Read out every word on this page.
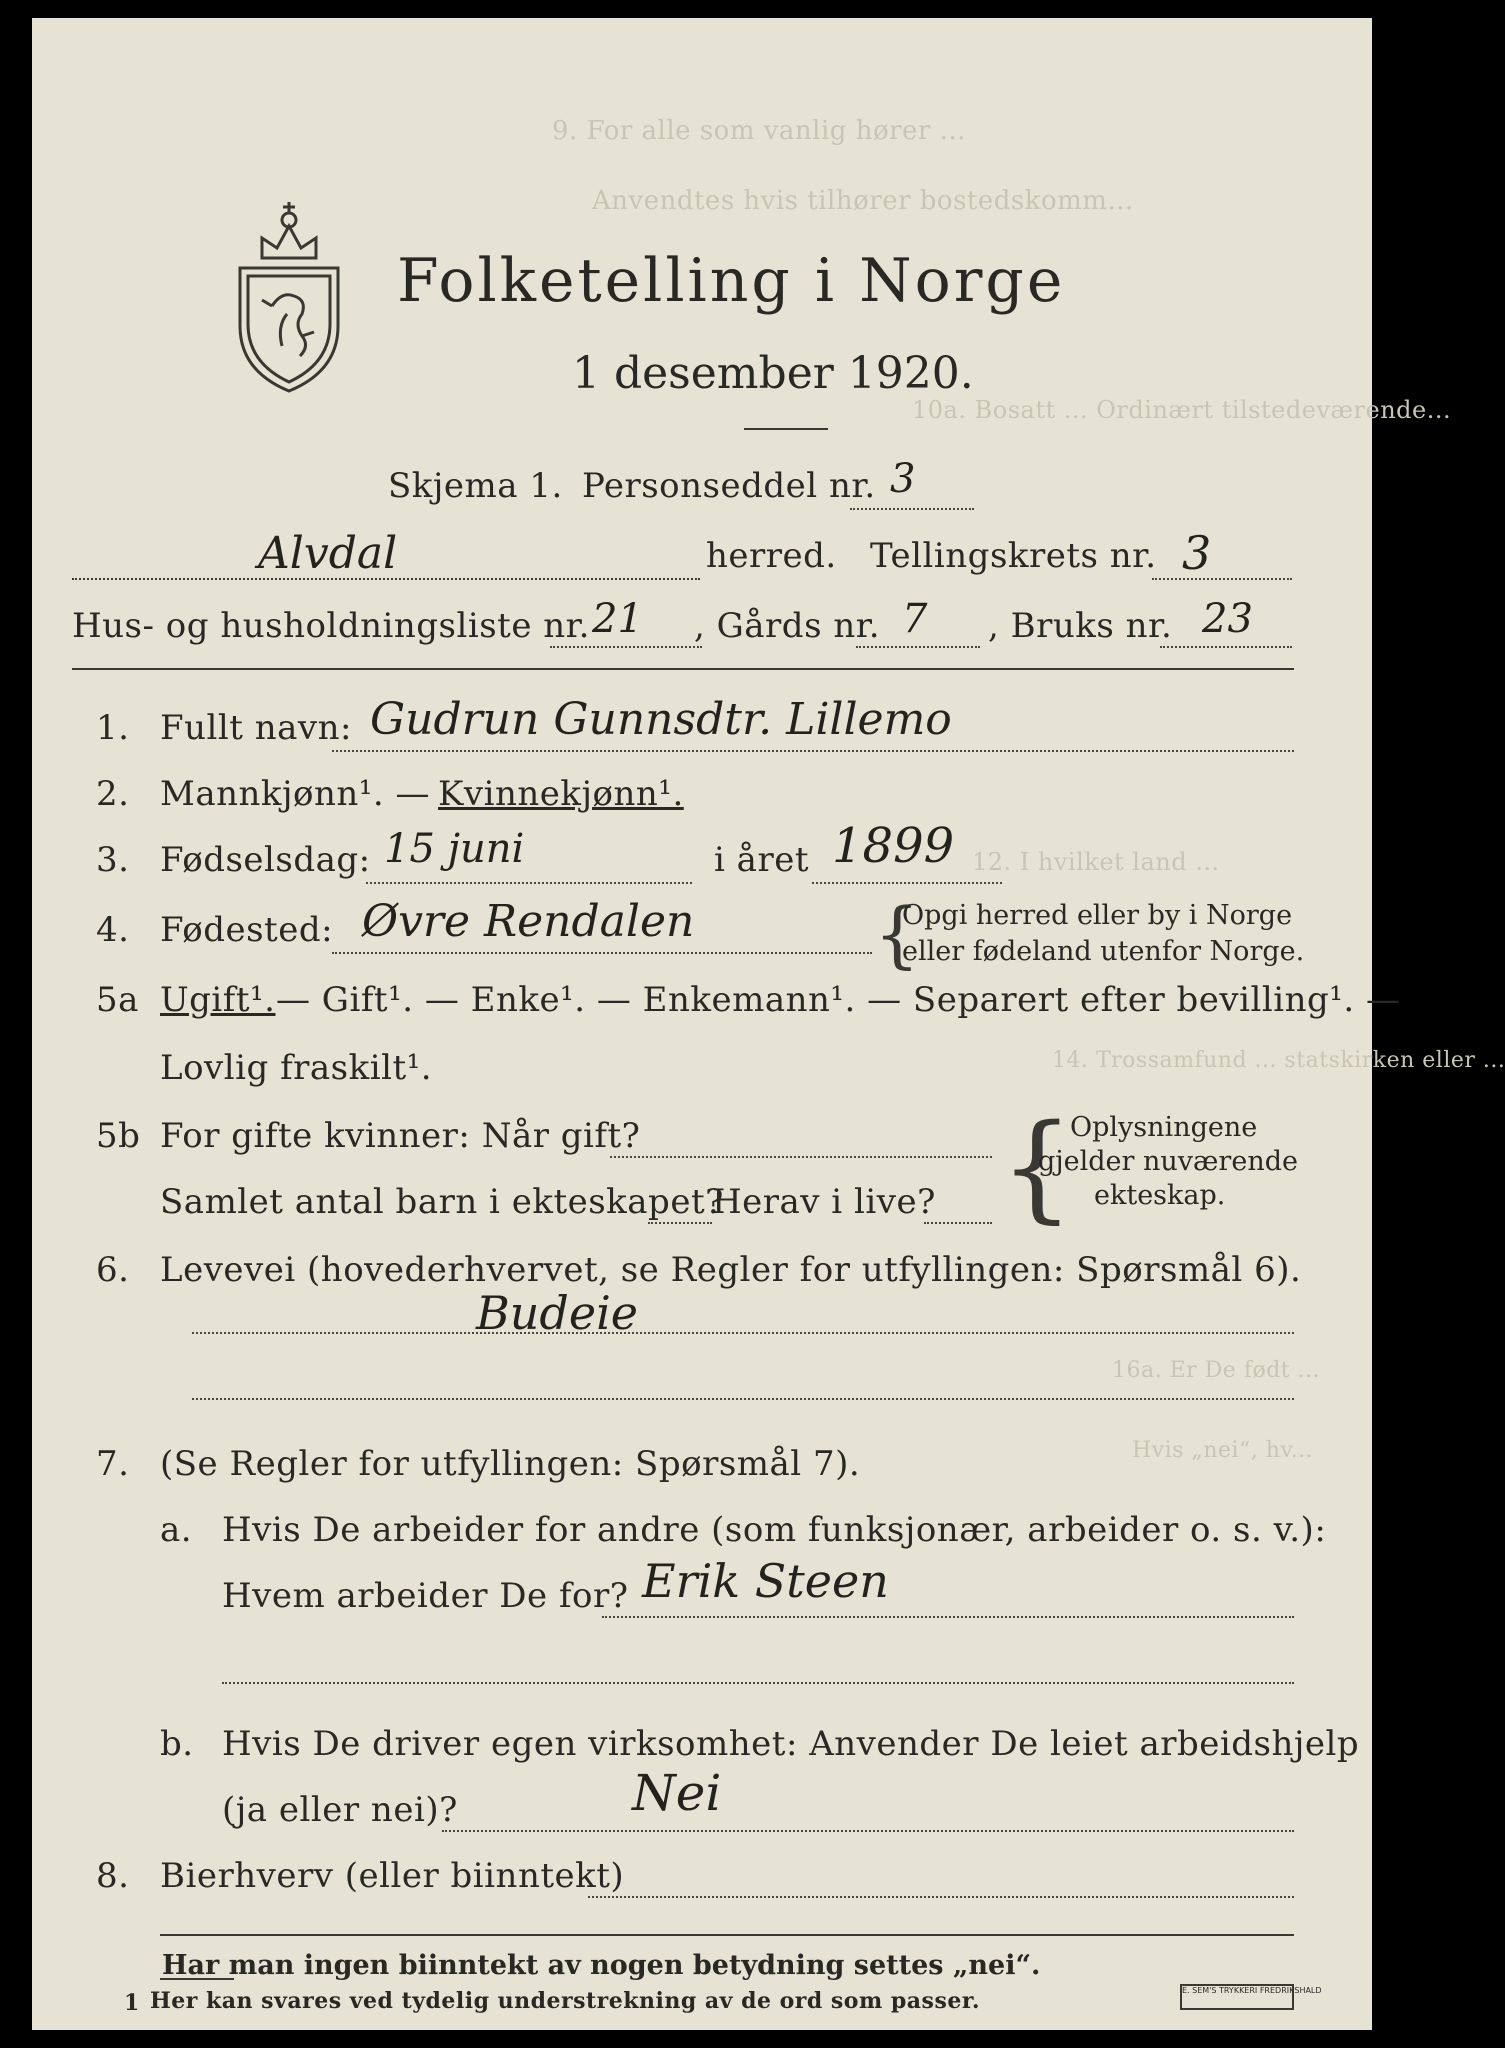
9. For alle som vanlig hører ...
Anvendtes hvis tilhører bostedskomm...
10a. Bosatt ... Ordinært tilstedeværende...
12. I hvilket land ...
14. Trossamfund ... statskirken eller ...
16a. Er De født ...
Hvis „nei“, hv...
Folketelling i Norge
1 desember 1920.
Skjema 1. Personseddel nr. 3
Alvdal	herred. Tellingskrets nr. 3
Hus- og husholdningsliste nr. 21 , Gårds nr. 7 , Bruks nr. 23
1. Fullt navn: Gudrun Gunnsdtr. Lillemo
2. Mannkjønn¹. — Kvinnekjønn¹.
3. Fødselsdag: 15 juni	i året 1899
4. Fødested: Øvre Rendalen {
Opgi herred eller by i Norge
eller fødeland utenfor Norge.
5a Ugift¹. — Gift¹. — Enke¹. — Enkemann¹. — Separert efter bevilling¹. —
Lovlig fraskilt¹.
5b For gifte kvinner: Når gift?
Samlet antal barn i ekteskapet?
Herav i live? {
Oplysningene
gjelder nuværende
ekteskap.
6. Levevei (hovederhvervet, se Regler for utfyllingen: Spørsmål 6).
Budeie
7. (Se Regler for utfyllingen: Spørsmål 7).
a. Hvis De arbeider for andre (som funksjonær, arbeider o. s. v.):
Hvem arbeider De for? Erik Steen
b. Hvis De driver egen virksomhet: Anvender De leiet arbeidshjelp
(ja eller nei)?	Nei
8. Bierhverv (eller biinntekt)
Har man ingen biinntekt av nogen betydning settes „nei“.
1 Her kan svares ved tydelig understrekning av de ord som passer.	E. SEM'S TRYKKERI FREDRIKSHALD
